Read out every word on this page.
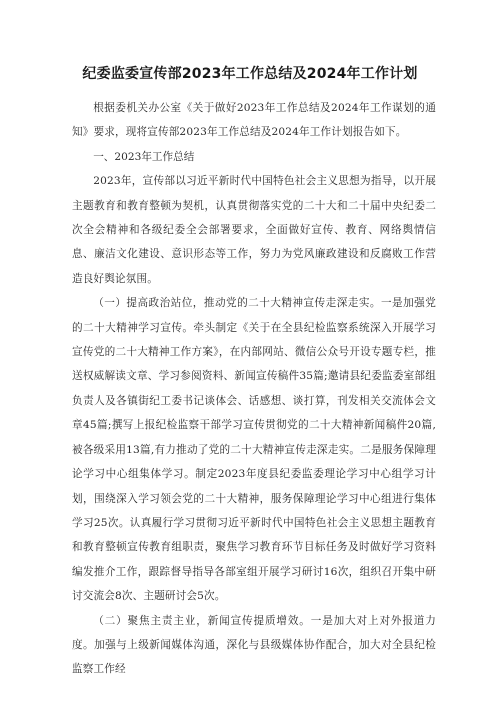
纪委监委宣传部2023年工作总结及2024年工作计划

根据委机关办公室《关于做好2023年工作总结及2024年工作谋划的通知》要求，现将宣传部2023年工作总结及2024年工作计划报告如下。

一、2023年工作总结

2023年，宣传部以习近平新时代中国特色社会主义思想为指导，以开展主题教育和教育整顿为契机，认真贯彻落实党的二十大和二十届中央纪委二次全会精神和各级纪委全会部署要求，全面做好宣传、教育、网络舆情信息、廉洁文化建设、意识形态等工作，努力为党风廉政建设和反腐败工作营造良好舆论氛围。

（一）提高政治站位，推动党的二十大精神宣传走深走实。一是加强党的二十大精神学习宣传。牵头制定《关于在全县纪检监察系统深入开展学习宣传党的二十大精神工作方案》，在内部网站、微信公众号开设专题专栏，推送权威解读文章、学习参阅资料、新闻宣传稿件35篇;邀请县纪委监委室部组负责人及各镇街纪工委书记谈体会、话感想、谈打算，刊发相关交流体会文章45篇;撰写上报纪检监察干部学习宣传贯彻党的二十大精神新闻稿件20篇,被各级采用13篇,有力推动了党的二十大精神宣传走深走实。二是服务保障理论学习中心组集体学习。制定2023年度县纪委监委理论学习中心组学习计划，围绕深入学习领会党的二十大精神，服务保障理论学习中心组进行集体学习25次。认真履行学习贯彻习近平新时代中国特色社会主义思想主题教育和教育整顿宣传教育组职责，聚焦学习教育环节目标任务及时做好学习资料编发推介工作，跟踪督导指导各部室组开展学习研讨16次，组织召开集中研讨交流会8次、主题研讨会5次。

（二）聚焦主责主业，新闻宣传提质增效。一是加大对上对外报道力度。加强与上级新闻媒体沟通，深化与县级媒体协作配合，加大对全县纪检监察工作经
